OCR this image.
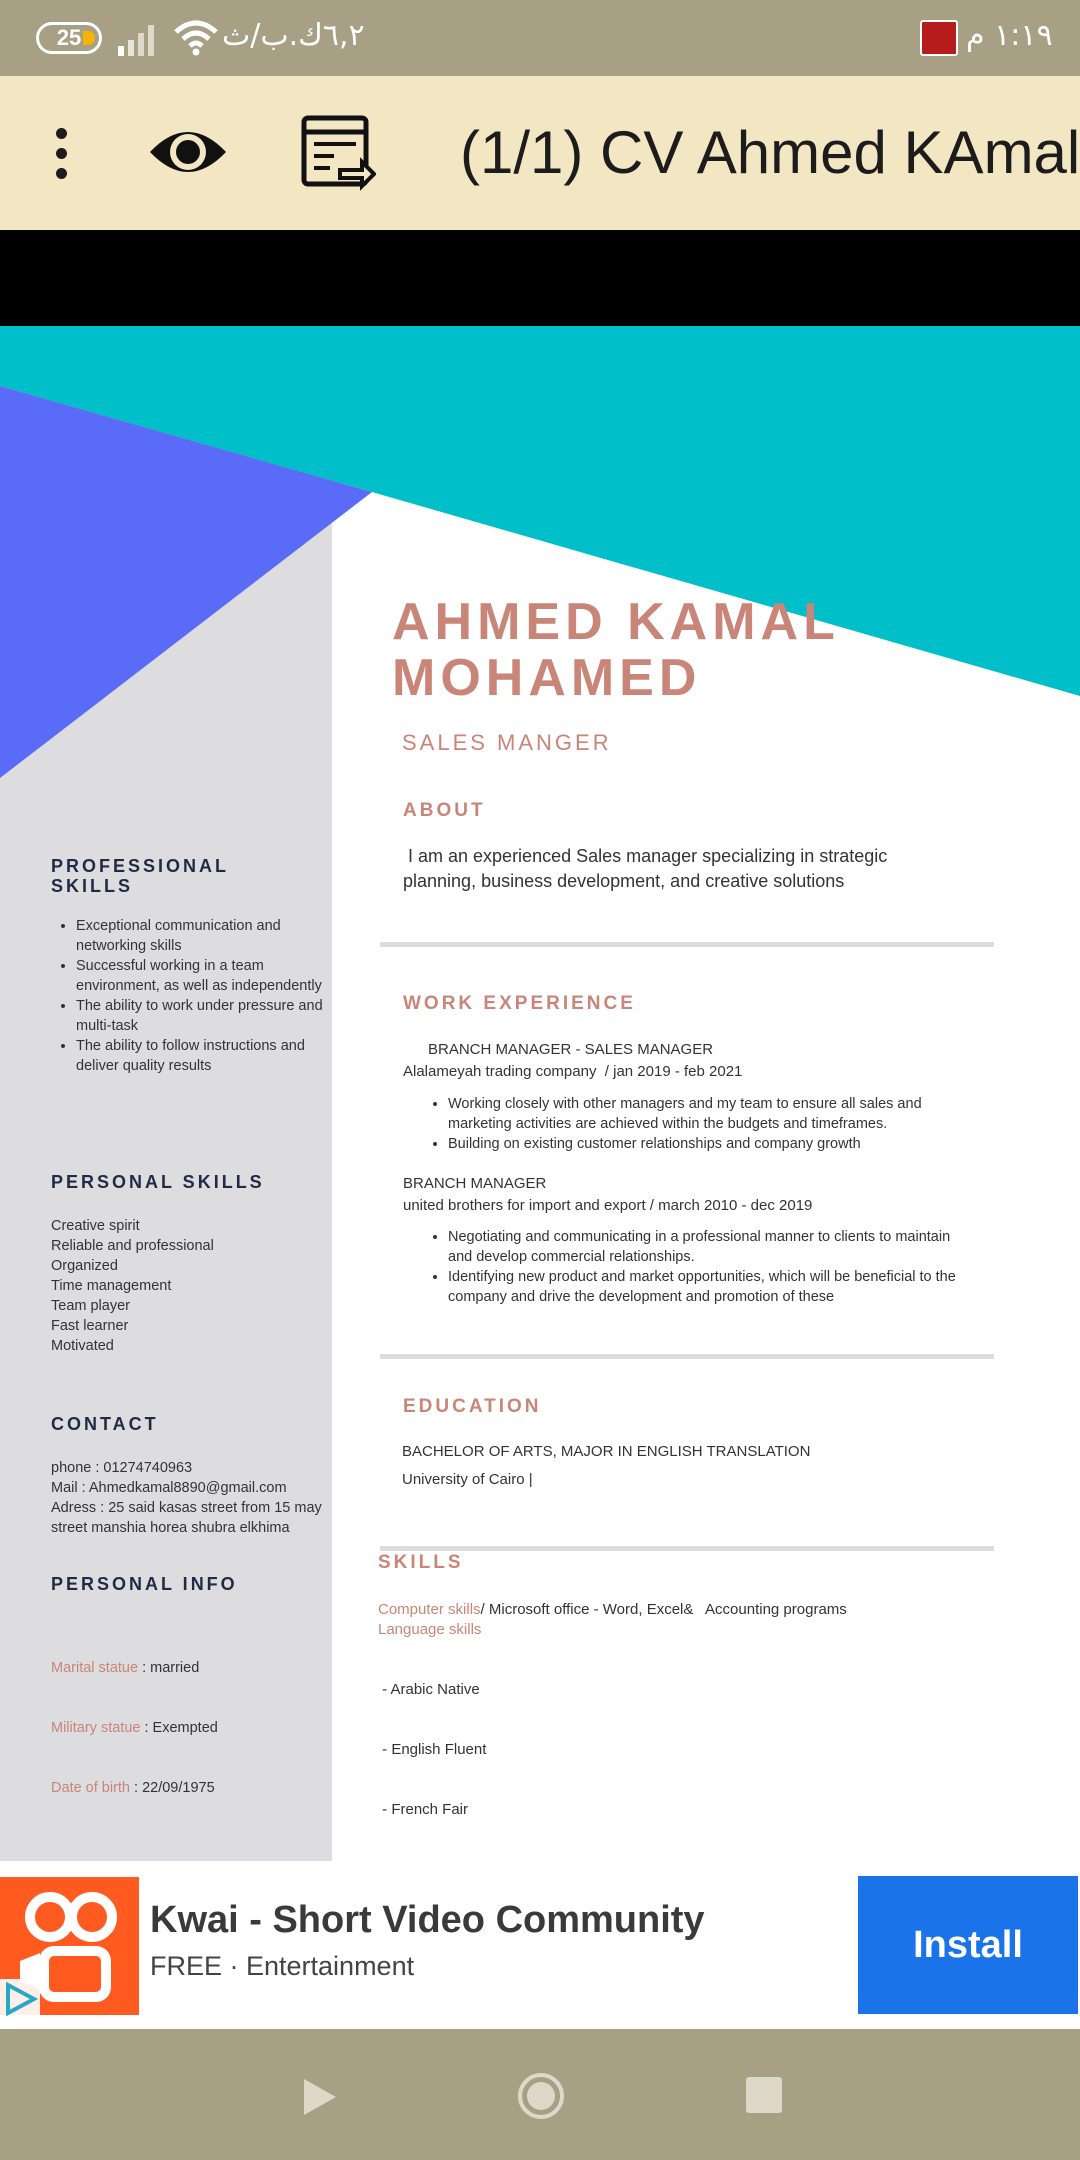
25	٦,٢ك.ب/ث	١:١٩ م
(1/1) CV Ahmed KAmal
AHMED KAMAL
MOHAMED
SALES MANGER
ABOUT
I am an experienced Sales manager specializing in strategic
planning, business development, and creative solutions
WORK EXPERIENCE
BRANCH MANAGER - SALES MANAGER
Alalameyah trading company  / jan 2019 - feb 2021
• Working closely with other managers and my team to ensure all sales and marketing activities are achieved within the budgets and timeframes.
• Building on existing customer relationships and company growth
BRANCH MANAGER
united brothers for import and export / march 2010 - dec 2019
• Negotiating and communicating in a professional manner to clients to maintain and develop commercial relationships.
• Identifying new product and market opportunities, which will be beneficial to the company and drive the development and promotion of these
EDUCATION
BACHELOR OF ARTS, MAJOR IN ENGLISH TRANSLATION
University of Cairo |
SKILLS
Computer skills/ Microsoft office - Word, Excel&   Accounting programs
Language skills

- Arabic Native

- English Fluent

- French Fair

PROFESSIONAL
SKILLS
• Exceptional communication and networking skills
• Successful working in a team environment, as well as independently
• The ability to work under pressure and multi-task
• The ability to follow instructions and deliver quality results
PERSONAL SKILLS
Creative spirit
Reliable and professional
Organized
Time management
Team player
Fast learner
Motivated
CONTACT
phone : 01274740963
Mail : Ahmedkamal8890@gmail.com
Adress : 25 said kasas street from 15 may street manshia horea shubra elkhima
PERSONAL INFO

Marital statue : married

Military statue : Exempted

Date of birth : 22/09/1975

Kwai - Short Video Community
FREE · Entertainment
Install
